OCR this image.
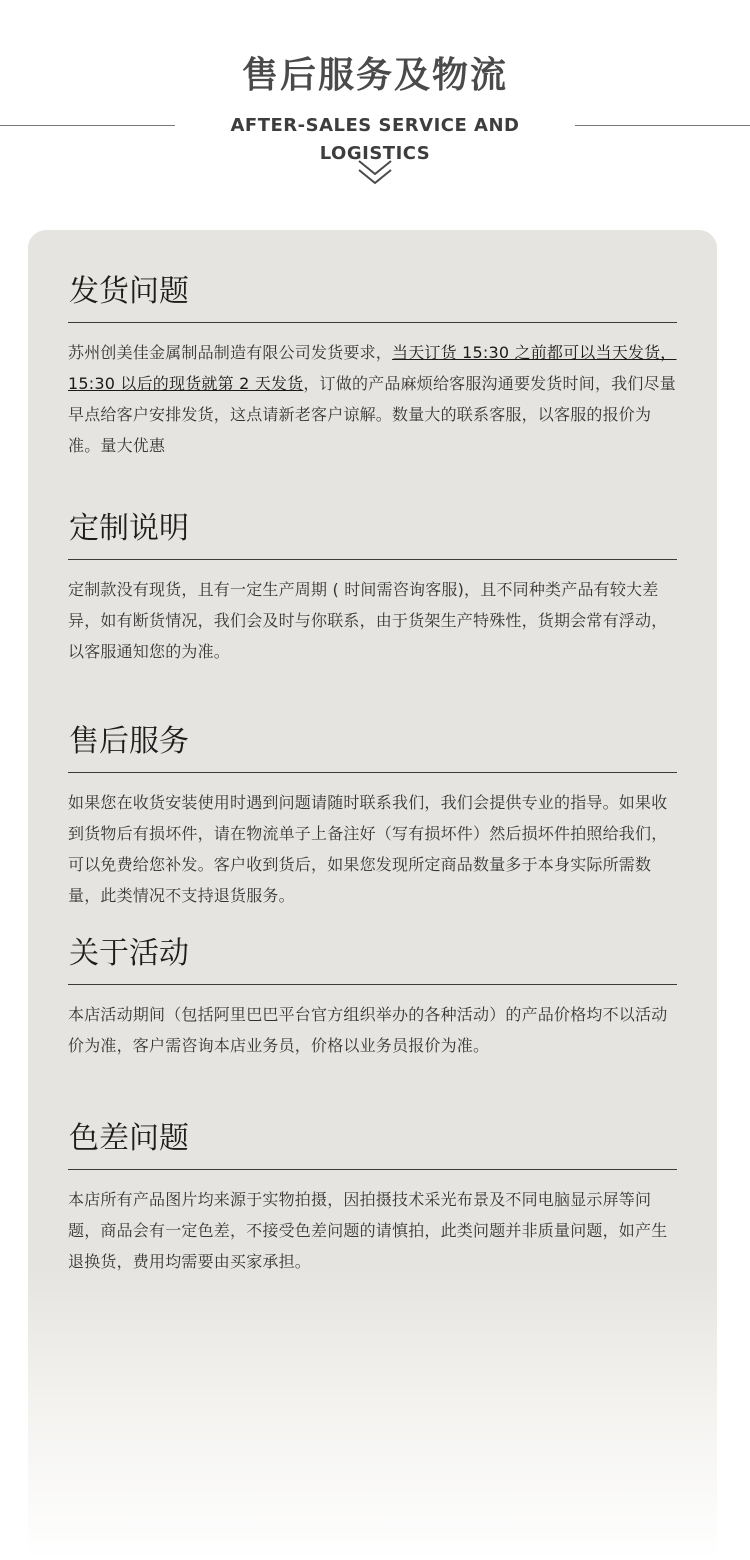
售后服务及物流
AFTER-SALES SERVICE AND LOGISTICS
发货问题

苏州创美佳金属制品制造有限公司发货要求，当天订货 15:30 之前都可以当天发货，15:30 以后的现货就第 2 天发货，订做的产品麻烦给客服沟通要发货时间，我们尽量早点给客户安排发货，这点请新老客户谅解。数量大的联系客服，以客服的报价为准。量大优惠

定制说明

定制款没有现货，且有一定生产周期 ( 时间需咨询客服)，且不同种类产品有较大差异，如有断货情况，我们会及时与你联系，由于货架生产特殊性，货期会常有浮动，以客服通知您的为准。

售后服务

如果您在收货安装使用时遇到问题请随时联系我们，我们会提供专业的指导。如果收到货物后有损坏件，请在物流单子上备注好（写有损坏件）然后损坏件拍照给我们，可以免费给您补发。客户收到货后，如果您发现所定商品数量多于本身实际所需数量，此类情况不支持退货服务。

关于活动

本店活动期间（包括阿里巴巴平台官方组织举办的各种活动）的产品价格均不以活动价为准，客户需咨询本店业务员，价格以业务员报价为准。

色差问题

本店所有产品图片均来源于实物拍摄，因拍摄技术采光布景及不同电脑显示屏等问题，商品会有一定色差，不接受色差问题的请慎拍，此类问题并非质量问题，如产生退换货，费用均需要由买家承担。
